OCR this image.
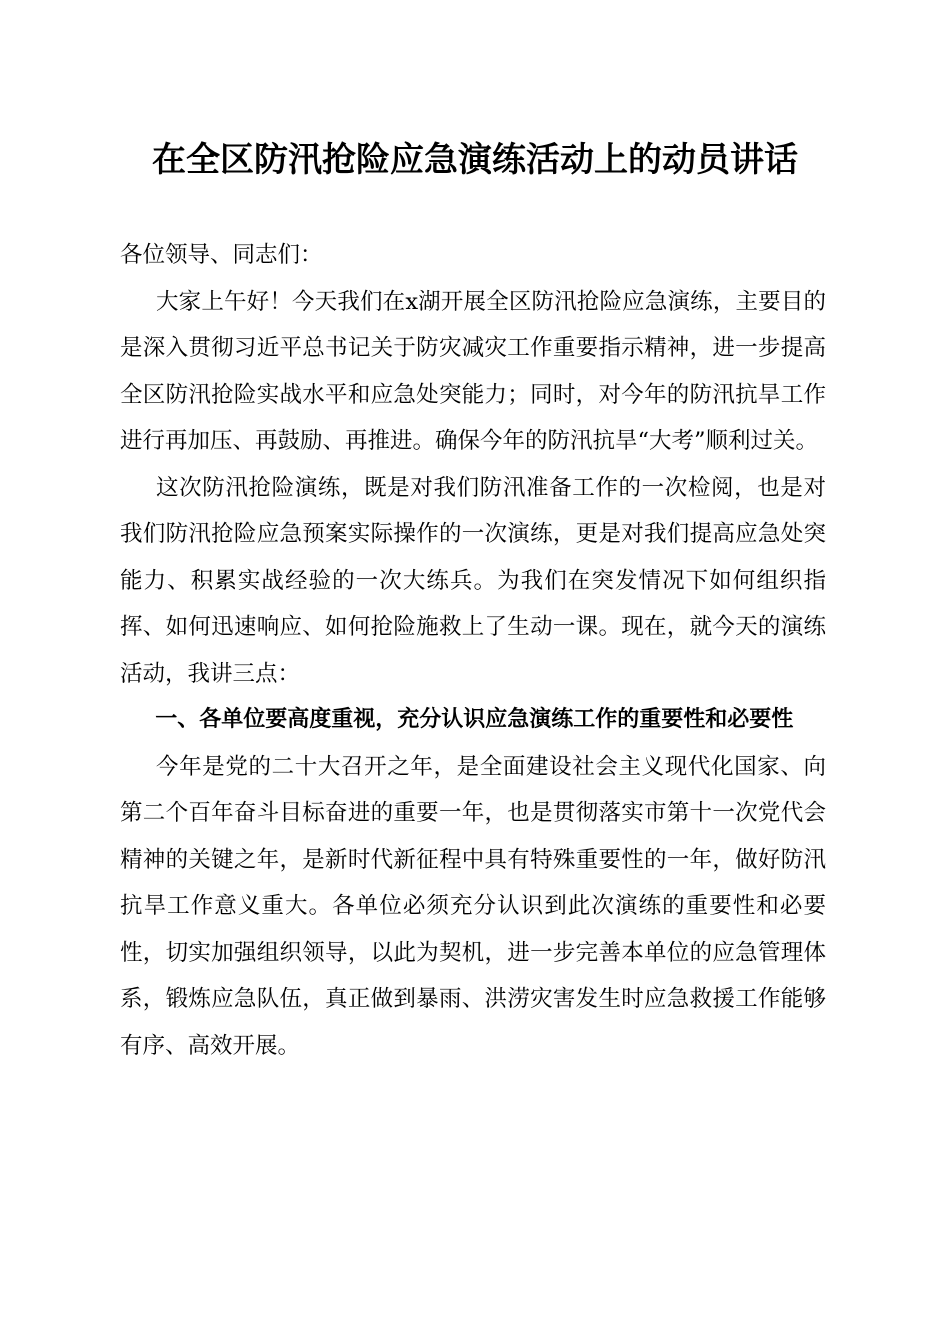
在全区防汛抢险应急演练活动上的动员讲话

各位领导、同志们：

大家上午好！今天我们在x湖开展全区防汛抢险应急演练，主要目的是深入贯彻习近平总书记关于防灾减灾工作重要指示精神，进一步提高全区防汛抢险实战水平和应急处突能力；同时，对今年的防汛抗旱工作进行再加压、再鼓励、再推进。确保今年的防汛抗旱“大考”顺利过关。

这次防汛抢险演练，既是对我们防汛准备工作的一次检阅，也是对我们防汛抢险应急预案实际操作的一次演练，更是对我们提高应急处突能力、积累实战经验的一次大练兵。为我们在突发情况下如何组织指挥、如何迅速响应、如何抢险施救上了生动一课。现在，就今天的演练活动，我讲三点：

一、各单位要高度重视，充分认识应急演练工作的重要性和必要性

今年是党的二十大召开之年，是全面建设社会主义现代化国家、向第二个百年奋斗目标奋进的重要一年，也是贯彻落实市第十一次党代会精神的关键之年，是新时代新征程中具有特殊重要性的一年，做好防汛抗旱工作意义重大。各单位必须充分认识到此次演练的重要性和必要性，切实加强组织领导，以此为契机，进一步完善本单位的应急管理体系，锻炼应急队伍，真正做到暴雨、洪涝灾害发生时应急救援工作能够有序、高效开展。
